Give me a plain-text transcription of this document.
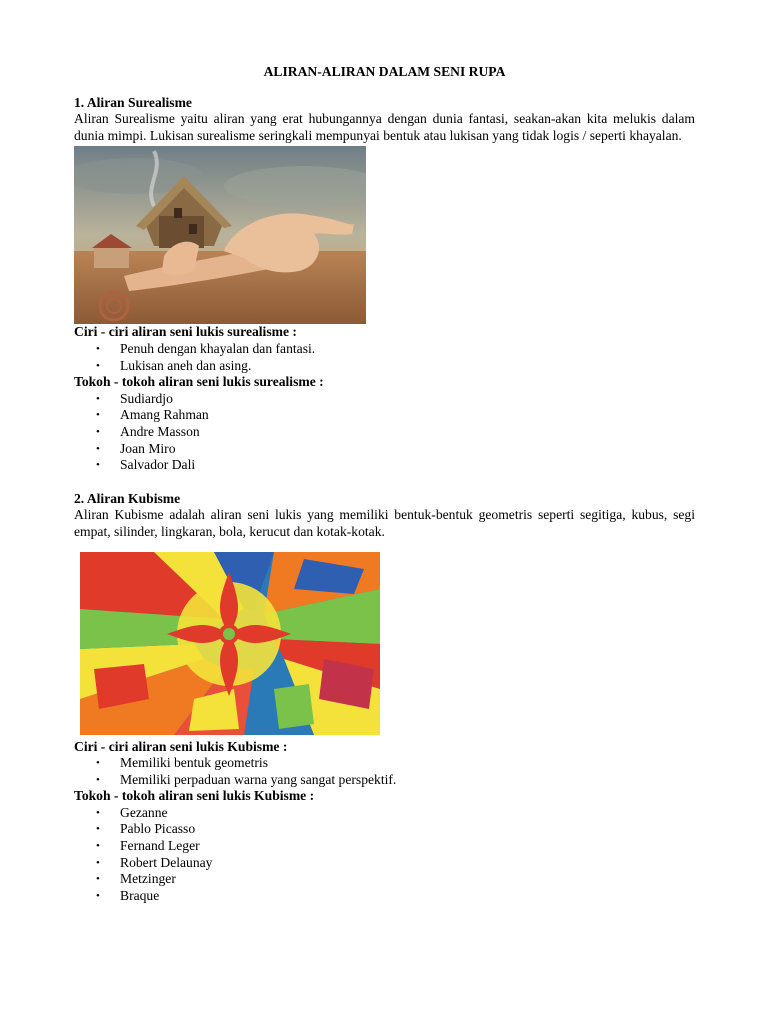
ALIRAN-ALIRAN DALAM SENI RUPA
1. Aliran Surealisme
Aliran Surealisme yaitu aliran yang erat hubungannya dengan dunia fantasi, seakan-akan kita melukis dalam dunia mimpi. Lukisan surealisme seringkali mempunyai bentuk atau lukisan yang tidak logis / seperti khayalan.
Ciri - ciri aliran seni lukis surealisme :
• Penuh dengan khayalan dan fantasi.
• Lukisan aneh dan asing.
Tokoh - tokoh aliran seni lukis surealisme :
• Sudiardjo
• Amang Rahman
• Andre Masson
• Joan Miro
• Salvador Dali
2. Aliran Kubisme
Aliran Kubisme adalah aliran seni lukis yang memiliki bentuk-bentuk geometris seperti segitiga, kubus, segi empat, silinder, lingkaran, bola, kerucut dan kotak-kotak.
Ciri - ciri aliran seni lukis Kubisme :
• Memiliki bentuk geometris
• Memiliki perpaduan warna yang sangat perspektif.
Tokoh - tokoh aliran seni lukis Kubisme :
• Gezanne
• Pablo Picasso
• Fernand Leger
• Robert Delaunay
• Metzinger
• Braque
